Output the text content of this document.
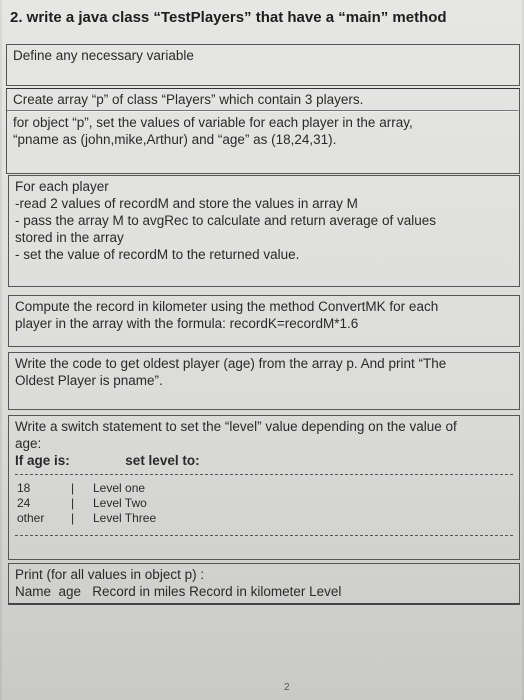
2. write a java class “TestPlayers” that have a “main” method
Define any necessary variable
Create array “p” of class “Players” which contain 3 players.
for object “p”, set the values of variable for each player in the array,
“pname as (john,mike,Arthur) and “age” as (18,24,31).
For each player
-read 2 values of recordM and store the values in array M
- pass the array M to avgRec to calculate and return average of values
stored in the array
- set the value of recordM to the returned value.
Compute the record in kilometer using the method ConvertMK for each
player in the array with the formula: recordK=recordM*1.6
Write the code to get oldest player (age) from the array p. And print “The
Oldest Player is pname”.
Write a switch statement to set the “level” value depending on the value of
age:
If age is:	set level to:
18	| Level one
24	| Level Two
other | Level Three
Print (for all values in object p) :
Name  age   Record in miles Record in kilometer Level
2
